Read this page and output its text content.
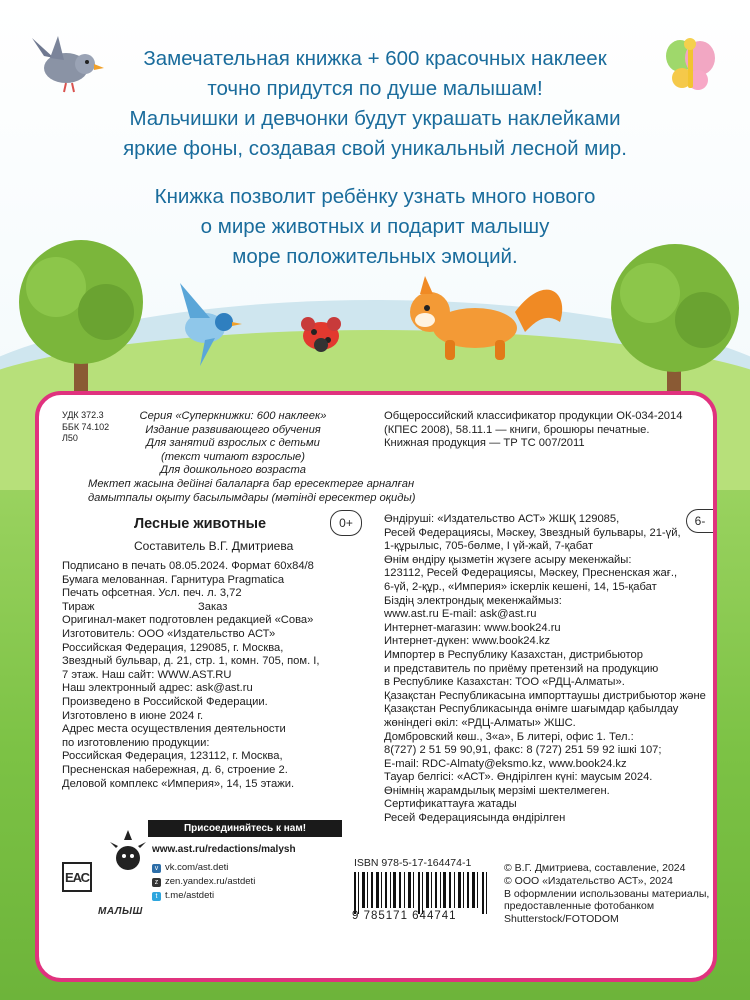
Замечательная книжка + 600 красочных наклеек
точно придутся по душе малышам!
Мальчишки и девчонки будут украшать наклейками
яркие фоны, создавая свой уникальный лесной мир.

Книжка позволит ребёнку узнать много нового
о мире животных и подарит малышу
море положительных эмоций.

УДК 372.3
ББК 74.102
Л50
Серия «Суперкнижки: 600 наклеек»
Издание развивающего обучения
Для занятий взрослых с детьми
(текст читают взрослые)
Для дошкольного возраста
Мектеп жасына дейінгі балаларға бар ересектерге арналған
дамытпалы оқыту басылымдары (мәтіндi ересектер оқиды)
Общероссийский классификатор продукции ОК-034-2014
(КПЕС 2008), 58.11.1 — книги, брошюры печатные.
Книжная продукция — ТР ТС 007/2011
Лесные животные
Составитель В.Г. Дмитриева
0+	6-
Подписано в печать 08.05.2024. Формат 60x84/8
Бумага мелованная. Гарнитура Pragmatica
Печать офсетная. Усл. печ. л. 3,72
Тираж	Заказ
Оригинал-макет подготовлен редакцией «Сова»
Изготовитель: ООО «Издательство АСТ»
Российская Федерация, 129085, г. Москва,
Звездный бульвар, д. 21, стр. 1, комн. 705, пом. I,
7 этаж. Наш сайт: WWW.AST.RU
Наш электронный адрес: ask@ast.ru
Произведено в Российской Федерации.
Изготовлено в июне 2024 г.
Адрес места осуществления деятельности
по изготовлению продукции:
Российская Федерация, 123112, г. Москва,
Пресненская набережная, д. 6, строение 2.
Деловой комплекс «Империя», 14, 15 этажи.
Өндіруші: «Издательство АСТ» ЖШҚ 129085,
Ресей Федерациясы, Мәскеу, Звездный бульвары, 21-үй,
1-құрылыс, 705-бөлме, I үй-жай, 7-қабат
Өнім өндіру қызметін жүзеге асыру мекенжайы:
123112, Ресей Федерациясы, Мәскеу, Пресненская жағ.,
6-үй, 2-құр., «Империя» іскерлік кешені, 14, 15-қабат
Біздің электрондық мекенжаймыз:
www.ast.ru E-mail: ask@ast.ru
Интернет-магазин: www.book24.ru
Интернет-дүкен: www.book24.kz
Импортер в Республику Казахстан, дистрибьютор
и представитель по приёму претензий на продукцию
в Республике Казахстан: ТОО «РДЦ-Алматы».
Қазақстан Республикасына импорттаушы дистрибьютор және
Қазақстан Республикасында өнімге шағымдар қабылдау
жөніндегі өкіл: «РДЦ-Алматы» ЖШС.
Домбровский көш., 3«а», Б литері, офис 1. Тел.:
8(727) 2 51 59 90,91, факс: 8 (727) 251 59 92 ішкі 107;
E-mail: RDC-Almaty@eksmo.kz, www.book24.kz
Тауар белгісі: «АСТ». Өндірілген күні: маусым 2024.
Өнімнің жарамдылық мерзімі шектелмеген.
Сертификаттауға жатады
Ресей Федерациясында өндірілген
ЕАС
МАЛЫШ
Присоединяйтесь к нам!
www.ast.ru/redactions/malysh
v vk.com/ast.deti
z zen.yandex.ru/astdeti
t t.me/astdeti
ISBN 978-5-17-164474-1
9 785171 644741
© В.Г. Дмитриева, составление, 2024
© ООО «Издательство АСТ», 2024
В оформлении использованы материалы,
предоставленные фотобанком
Shutterstock/FOTODOM
